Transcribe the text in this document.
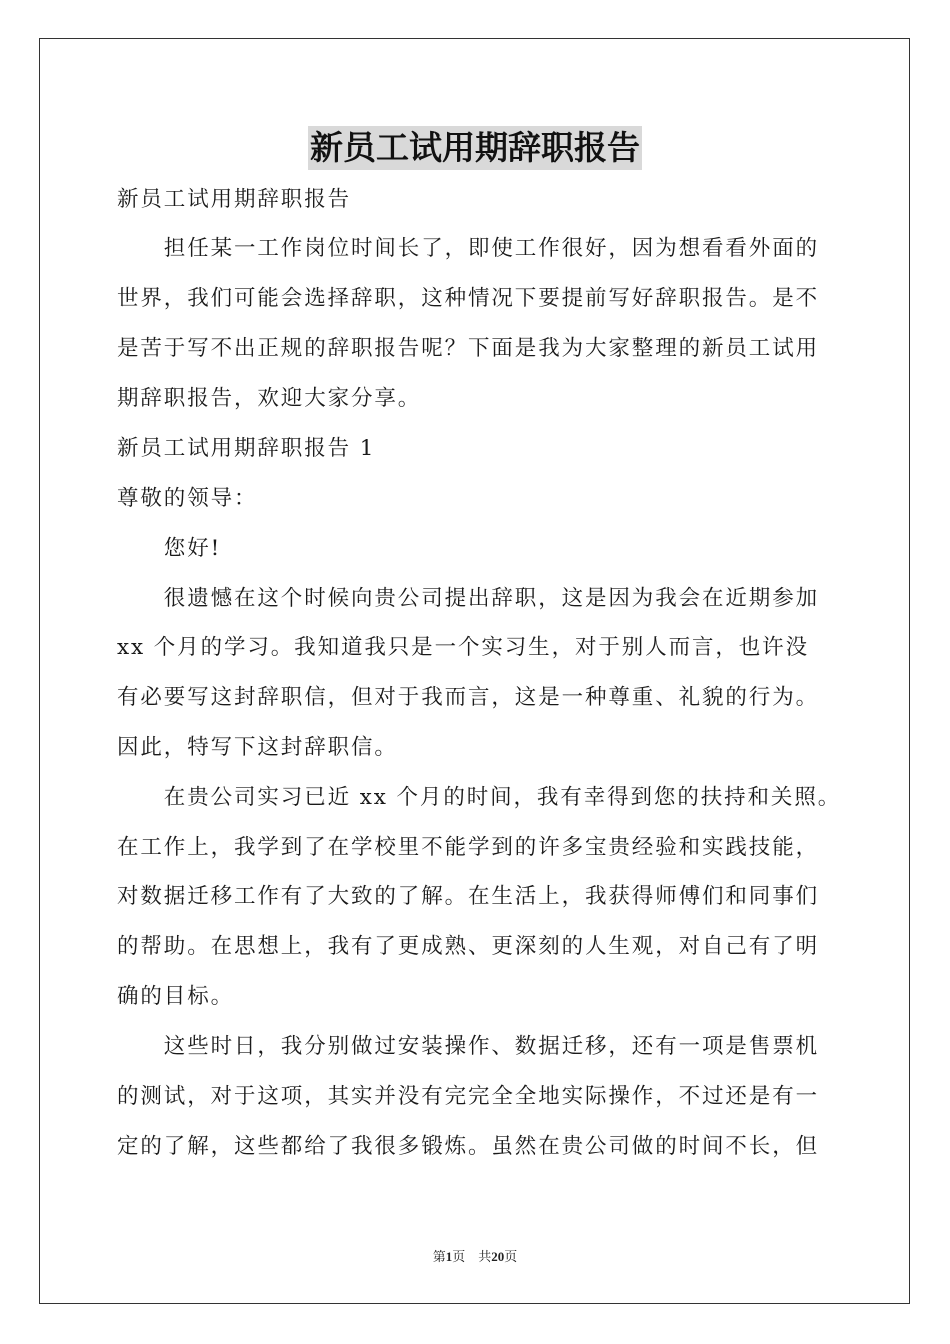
新员工试用期辞职报告
新员工试用期辞职报告
　　担任某一工作岗位时间长了，即使工作很好，因为想看看外面的
世界，我们可能会选择辞职，这种情况下要提前写好辞职报告。是不
是苦于写不出正规的辞职报告呢？下面是我为大家整理的新员工试用
期辞职报告，欢迎大家分享。
新员工试用期辞职报告 1
尊敬的领导：
　　您好!
　　很遗憾在这个时候向贵公司提出辞职，这是因为我会在近期参加
xx 个月的学习。我知道我只是一个实习生，对于别人而言，也许没
有必要写这封辞职信，但对于我而言，这是一种尊重、礼貌的行为。
因此，特写下这封辞职信。
　　在贵公司实习已近 xx 个月的时间，我有幸得到您的扶持和关照。
在工作上，我学到了在学校里不能学到的许多宝贵经验和实践技能，
对数据迁移工作有了大致的了解。在生活上，我获得师傅们和同事们
的帮助。在思想上，我有了更成熟、更深刻的人生观，对自己有了明
确的目标。
　　这些时日，我分别做过安装操作、数据迁移，还有一项是售票机
的测试，对于这项，其实并没有完完全全地实际操作，不过还是有一
定的了解，这些都给了我很多锻炼。虽然在贵公司做的时间不长，但
第1页　共20页
